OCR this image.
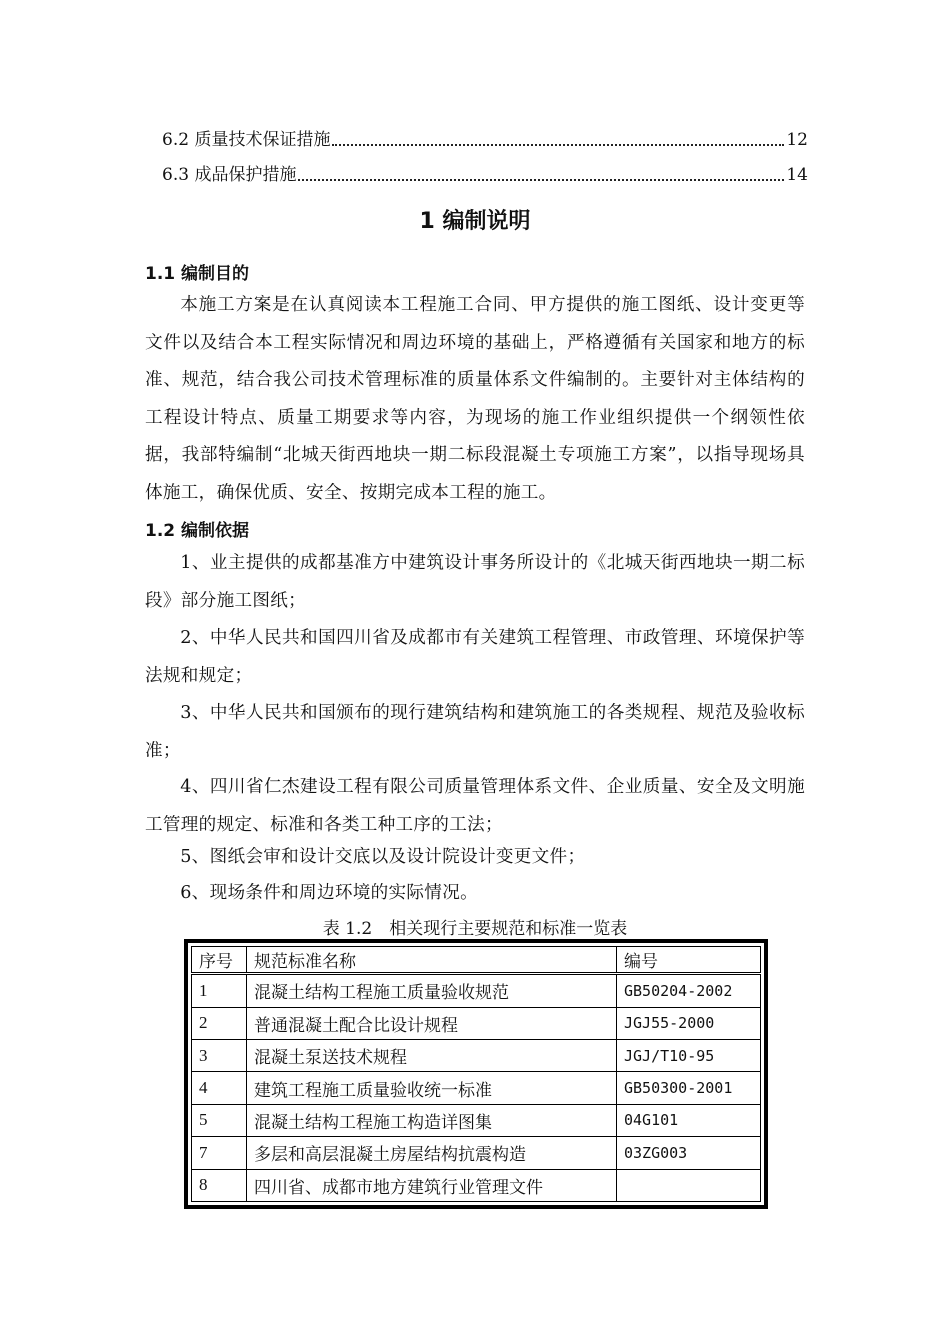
6.2 质量技术保证措施	12
6.3 成品保护措施	14
1 编制说明
1.1 编制目的
本施工方案是在认真阅读本工程施工合同、甲方提供的施工图纸、设计变更等文件以及结合本工程实际情况和周边环境的基础上，严格遵循有关国家和地方的标准、规范，结合我公司技术管理标准的质量体系文件编制的。主要针对主体结构的工程设计特点、质量工期要求等内容，为现场的施工作业组织提供一个纲领性依据，我部特编制“北城天街西地块一期二标段混凝土专项施工方案”，以指导现场具体施工，确保优质、安全、按期完成本工程的施工。
1.2 编制依据
1、业主提供的成都基准方中建筑设计事务所设计的《北城天街西地块一期二标段》部分施工图纸；
2、中华人民共和国四川省及成都市有关建筑工程管理、市政管理、环境保护等法规和规定；
3、中华人民共和国颁布的现行建筑结构和建筑施工的各类规程、规范及验收标准；
4、四川省仁杰建设工程有限公司质量管理体系文件、企业质量、安全及文明施工管理的规定、标准和各类工种工序的工法；
5、图纸会审和设计交底以及设计院设计变更文件；
6、现场条件和周边环境的实际情况。
表 1.2　相关现行主要规范和标准一览表
序号	规范标准名称	编号
1	混凝土结构工程施工质量验收规范	GB50204-2002
2	普通混凝土配合比设计规程	JGJ55-2000
3	混凝土泵送技术规程	JGJ/T10-95
4	建筑工程施工质量验收统一标准	GB50300-2001
5	混凝土结构工程施工构造详图集	04G101
7	多层和高层混凝土房屋结构抗震构造	03ZG003
8	四川省、成都市地方建筑行业管理文件	
